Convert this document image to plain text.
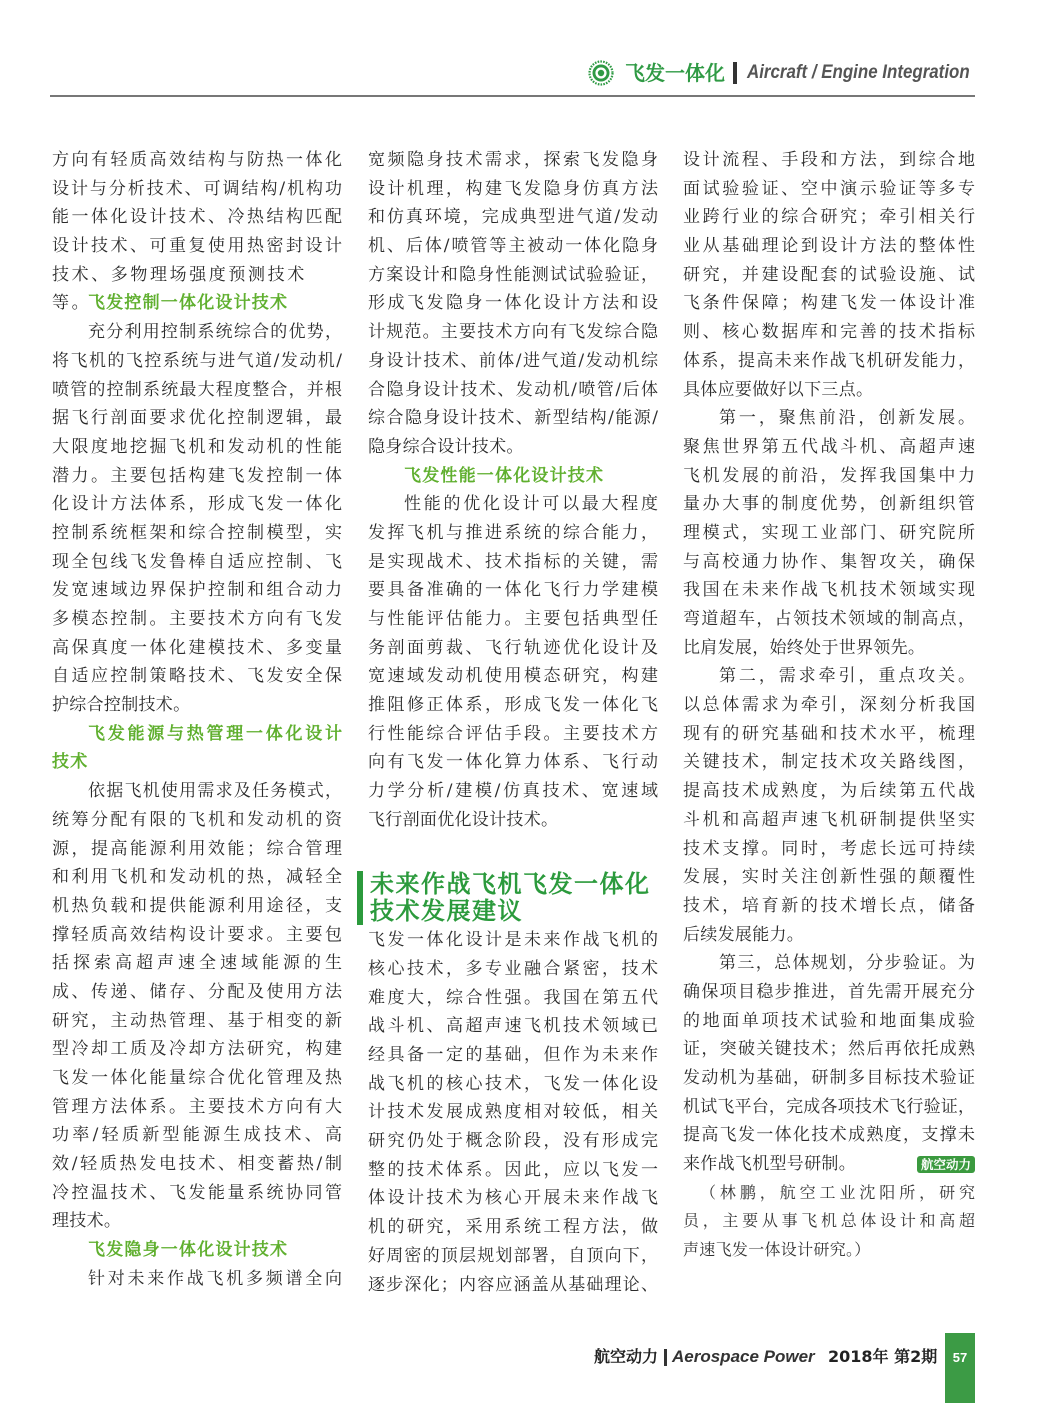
飞发一体化 Aircraft / Engine Integration
方向有轻质高效结构与防热一体化
设计与分析技术、可调结构/机构功
能一体化设计技术、冷热结构匹配
设计技术、可重复使用热密封设计
技术、多物理场强度预测技术等。
飞发控制一体化设计技术
充分利用控制系统综合的优势，
将飞机的飞控系统与进气道/发动机/
喷管的控制系统最大程度整合，并根
据飞行剖面要求优化控制逻辑，最
大限度地挖掘飞机和发动机的性能
潜力。主要包括构建飞发控制一体
化设计方法体系，形成飞发一体化
控制系统框架和综合控制模型，实
现全包线飞发鲁棒自适应控制、飞
发宽速域边界保护控制和组合动力
多模态控制。主要技术方向有飞发
高保真度一体化建模技术、多变量
自适应控制策略技术、飞发安全保
护综合控制技术。
飞发能源与热管理一体化设计
技术
依据飞机使用需求及任务模式，
统筹分配有限的飞机和发动机的资
源，提高能源利用效能；综合管理
和利用飞机和发动机的热，减轻全
机热负载和提供能源利用途径，支
撑轻质高效结构设计要求。主要包
括探索高超声速全速域能源的生
成、传递、储存、分配及使用方法
研究，主动热管理、基于相变的新
型冷却工质及冷却方法研究，构建
飞发一体化能量综合优化管理及热
管理方法体系。主要技术方向有大
功率/轻质新型能源生成技术、高
效/轻质热发电技术、相变蓄热/制
冷控温技术、飞发能量系统协同管
理技术。
飞发隐身一体化设计技术
针对未来作战飞机多频谱全向
宽频隐身技术需求，探索飞发隐身
设计机理，构建飞发隐身仿真方法
和仿真环境，完成典型进气道/发动
机、后体/喷管等主被动一体化隐身
方案设计和隐身性能测试试验验证，
形成飞发隐身一体化设计方法和设
计规范。主要技术方向有飞发综合隐
身设计技术、前体/进气道/发动机综
合隐身设计技术、发动机/喷管/后体
综合隐身设计技术、新型结构/能源/
隐身综合设计技术。
飞发性能一体化设计技术
性能的优化设计可以最大程度
发挥飞机与推进系统的综合能力，
是实现战术、技术指标的关键，需
要具备准确的一体化飞行力学建模
与性能评估能力。主要包括典型任
务剖面剪裁、飞行轨迹优化设计及
宽速域发动机使用模态研究，构建
推阻修正体系，形成飞发一体化飞
行性能综合评估手段。主要技术方
向有飞发一体化算力体系、飞行动
力学分析/建模/仿真技术、宽速域
飞行剖面优化设计技术。
未来作战飞机飞发一体化
技术发展建议
飞发一体化设计是未来作战飞机的
核心技术，多专业融合紧密，技术
难度大，综合性强。我国在第五代
战斗机、高超声速飞机技术领域已
经具备一定的基础，但作为未来作
战飞机的核心技术，飞发一体化设
计技术发展成熟度相对较低，相关
研究仍处于概念阶段，没有形成完
整的技术体系。因此，应以飞发一
体设计技术为核心开展未来作战飞
机的研究，采用系统工程方法，做
好周密的顶层规划部署，自顶向下，
逐步深化；内容应涵盖从基础理论、
设计流程、手段和方法，到综合地
面试验验证、空中演示验证等多专
业跨行业的综合研究；牵引相关行
业从基础理论到设计方法的整体性
研究，并建设配套的试验设施、试
飞条件保障；构建飞发一体设计准
则、核心数据库和完善的技术指标
体系，提高未来作战飞机研发能力，
具体应要做好以下三点。
第一，聚焦前沿，创新发展。
聚焦世界第五代战斗机、高超声速
飞机发展的前沿，发挥我国集中力
量办大事的制度优势，创新组织管
理模式，实现工业部门、研究院所
与高校通力协作、集智攻关，确保
我国在未来作战飞机技术领域实现
弯道超车，占领技术领域的制高点，
比肩发展，始终处于世界领先。
第二，需求牵引，重点攻关。
以总体需求为牵引，深刻分析我国
现有的研究基础和技术水平，梳理
关键技术，制定技术攻关路线图，
提高技术成熟度，为后续第五代战
斗机和高超声速飞机研制提供坚实
技术支撑。同时，考虑长远可持续
发展，实时关注创新性强的颠覆性
技术，培育新的技术增长点，储备
后续发展能力。
第三，总体规划，分步验证。为
确保项目稳步推进，首先需开展充分
的地面单项技术试验和地面集成验
证，突破关键技术；然后再依托成熟
发动机为基础，研制多目标技术验证
机试飞平台，完成各项技术飞行验证，
提高飞发一体化技术成熟度，支撑未
来作战飞机型号研制。	航空动力
（林鹏，航空工业沈阳所，研究
员，主要从事飞机总体设计和高超
声速飞发一体设计研究。）
航空动力 Aerospace Power 2018年 第2期	57
